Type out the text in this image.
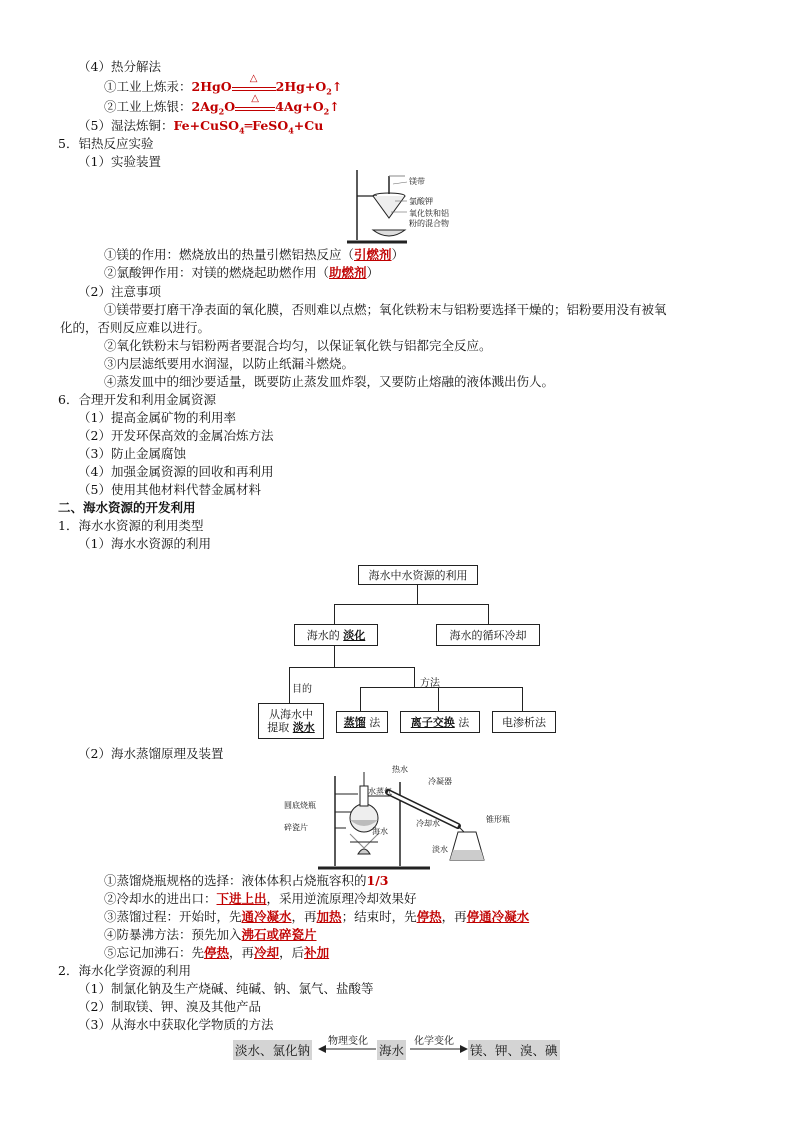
（4）热分解法
①工业上炼汞：2HgO
△
$2Hg+O_2↑$
②工业上炼银：$2Ag_2O$
△
$4Ag+O_2↑$
（5）湿法炼铜：Fe+CuSO$_4$═FeSO$_4$+Cu
5．铝热反应实验
（1）实验装置
镁带
氯酸钾
氧化铁和铝
粉的混合物
①镁的作用：燃烧放出的热量引燃铝热反应（引燃剂）
②氯酸钾作用：对镁的燃烧起助燃作用（助燃剂）
（2）注意事项
①镁带要打磨干净表面的氧化膜，否则难以点燃；氧化铁粉末与铝粉要选择干燥的；铝粉要用没有被氧
化的，否则反应难以进行。
②氧化铁粉末与铝粉两者要混合均匀，以保证氧化铁与铝都完全反应。
③内层滤纸要用水润湿，以防止纸漏斗燃烧。
④蒸发皿中的细沙要适量，既要防止蒸发皿炸裂，又要防止熔融的液体溅出伤人。
6．合理开发和利用金属资源
（1）提高金属矿物的利用率
（2）开发环保高效的金属冶炼方法
（3）防止金属腐蚀
（4）加强金属资源的回收和再利用
（5）使用其他材料代替金属材料
二、海水资源的开发利用
1．海水水资源的利用类型
（1）海水水资源的利用
海水中水资源的利用
海水的
淡化	海水的循环冷却
目的
方法
从海水中
提取 淡水	蒸馏
法	离子交换
法	电渗析法
（2）海水蒸馏原理及装置
热水
水蒸气
冷凝器
圆底烧瓶
碎瓷片	海水
冷却水	锥形瓶
淡水
①蒸馏烧瓶规格的选择：液体体积占烧瓶容积的1/3
②冷却水的进出口：下进上出，采用逆流原理冷却效果好
③蒸馏过程：开始时，先通冷凝水，再加热；结束时，先停热，再停通冷凝水
④防暴沸方法：预先加入沸石或碎瓷片
⑤忘记加沸石：先停热，再冷却，后补加
2．海水化学资源的利用
（1）制氯化钠及生产烧碱、纯碱、钠、氯气、盐酸等
（2）制取镁、钾、溴及其他产品
（3）从海水中获取化学物质的方法
淡水、氯化钠
物理变化
海水
化学变化
镁、钾、溴、碘
